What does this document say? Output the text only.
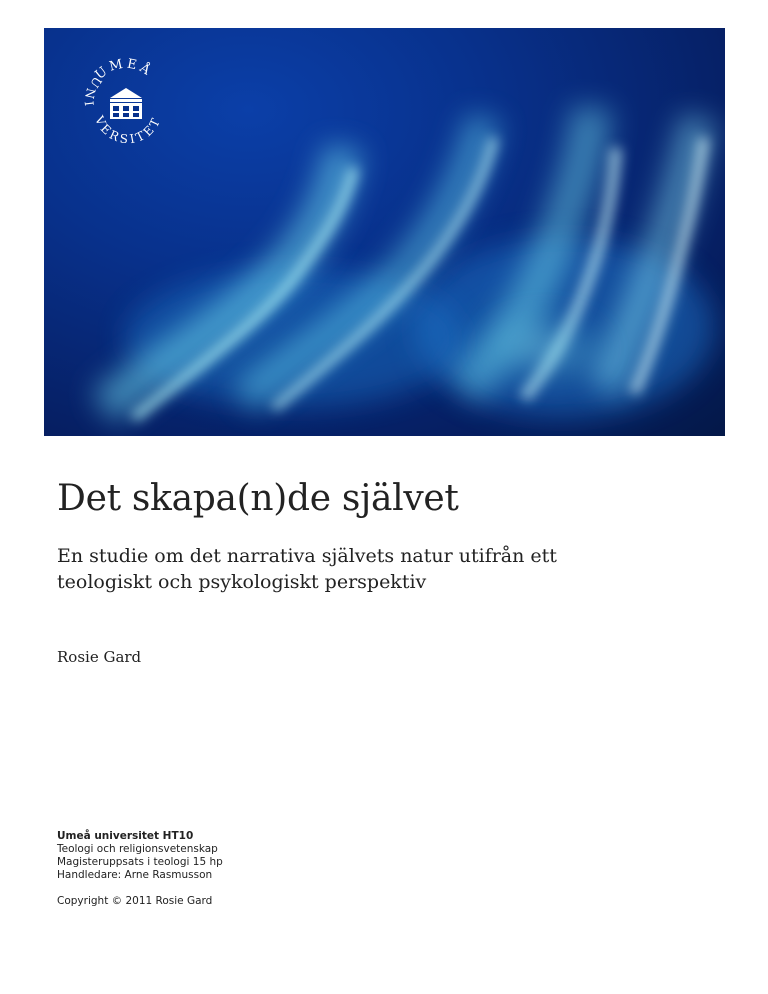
UMEÅ
UNI
VERSITET
Det skapa(n)de självet
En studie om det narrativa självets natur utifrån ett teologiskt och psykologiskt perspektiv
Rosie Gard
Umeå universitet HT10
Teologi och religionsvetenskap
Magisteruppsats i teologi 15 hp
Handledare: Arne Rasmusson
Copyright © 2011 Rosie Gard
